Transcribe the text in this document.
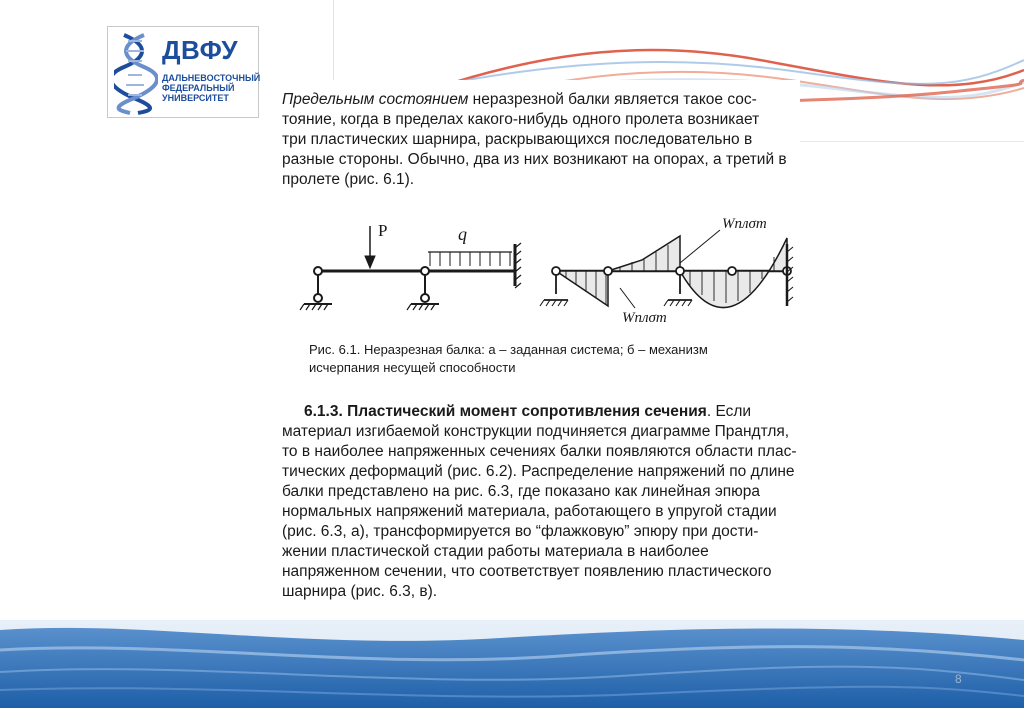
ДВФУ
ДАЛЬНЕВОСТОЧНЫЙ
ФЕДЕРАЛЬНЫЙ
УНИВЕРСИТЕТ	Предельным состоянием неразрезной балки является такое сос-
тояние, когда в пределах какого-нибудь одного пролета возникает
три пластических шарнира, раскрывающихся последовательно в
разные стороны. Обычно, два из них возникают на опорах, а третий в
пролете (рис. 6.1).
P	q	Wплσт
Wплσт
Рис. 6.1. Неразрезная балка: а – заданная система; б – механизм
исчерпания несущей способности
6.1.3. Пластический момент сопротивления сечения. Если
материал изгибаемой конструкции подчиняется диаграмме Прандтля,
то в наиболее напряженных сечениях балки появляются области плас-
тических деформаций (рис. 6.2). Распределение напряжений по длине
балки представлено на рис. 6.3, где показано как линейная эпюра
нормальных напряжений материала, работающего в упругой стадии
(рис. 6.3, а), трансформируется во “флажковую” эпюру при дости-
жении пластической стадии работы материала в наиболее
напряженном сечении, что соответствует появлению пластического
шарнира (рис. 6.3, в).
8
